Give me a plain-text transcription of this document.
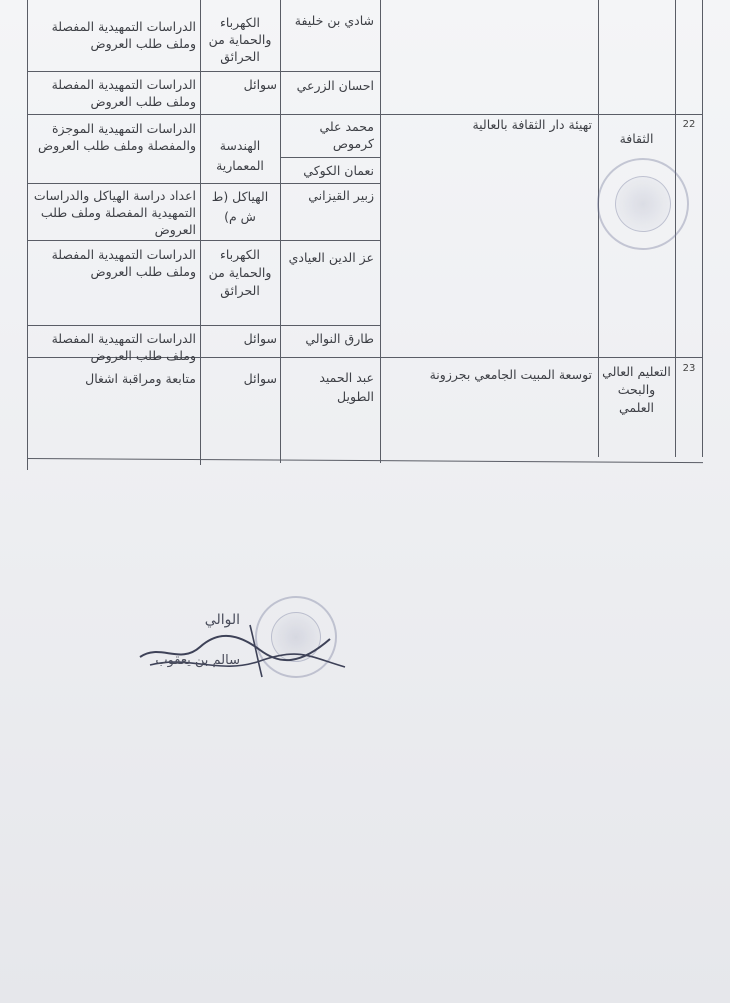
22
الثقافة
تهيئة دار الثقافة بالعالية
شادي بن خليفة
الكهرباء والحماية من الحرائق
الدراسات التمهيدية المفصلة وملف طلب العروض
احسان الزرعي
سوائل
الدراسات التمهيدية المفصلة وملف طلب العروض
محمد علي كرموص
الهندسة المعمارية
الدراسات التمهيدية الموجزة والمفصلة وملف طلب العروض
نعمان الكوكي
زبير القيزاني
الهياكل (ط ش م)
اعداد دراسة الهياكل والدراسات التمهيدية المفصلة وملف طلب العروض
عز الدين العيادي
الكهرباء والحماية من الحرائق
الدراسات التمهيدية المفصلة وملف طلب العروض
طارق النوالي
سوائل
الدراسات التمهيدية المفصلة وملف طلب العروض
23
التعليم العالي والبحث العلمي
توسعة المبيت الجامعي بجرزونة
عبد الحميد الطويل
سوائل
متابعة ومراقبة اشغال
الوالي
سالم بن يعقوب
